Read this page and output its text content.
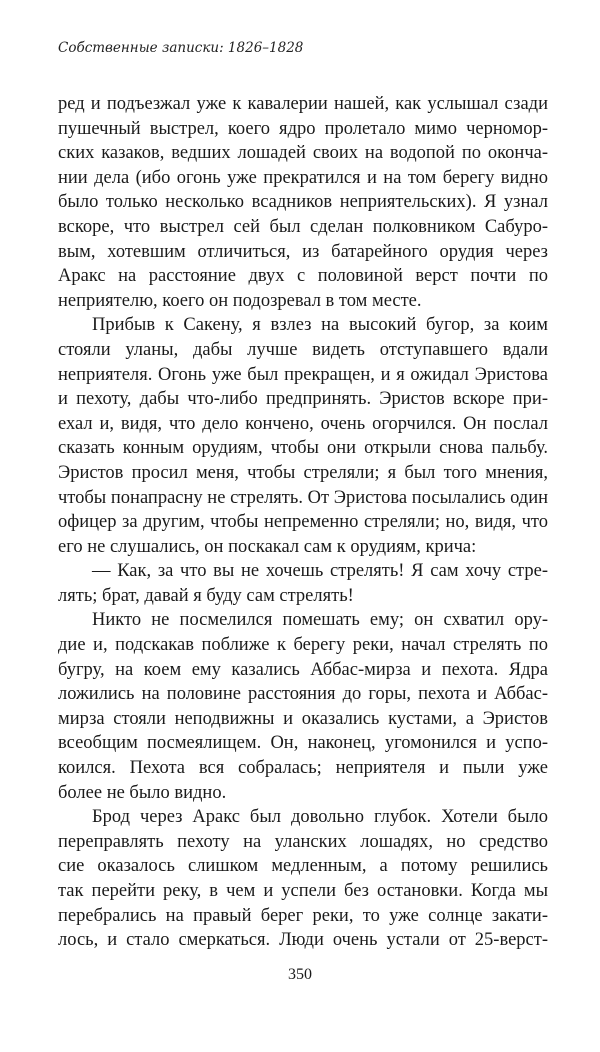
Собственные записки: 1826–1828
ред и подъезжал уже к кавалерии нашей, как услышал сзади
пушечный выстрел, коего ядро пролетало мимо черномор-
ских казаков, ведших лошадей своих на водопой по оконча-
нии дела (ибо огонь уже прекратился и на том берегу видно
было только несколько всадников неприятельских). Я узнал
вскоре, что выстрел сей был сделан полковником Сабуро-
вым, хотевшим отличиться, из батарейного орудия через
Аракс на расстояние двух с половиной верст почти по
неприятелю, коего он подозревал в том месте.
Прибыв к Сакену, я взлез на высокий бугор, за коим
стояли уланы, дабы лучше видеть отступавшего вдали
неприятеля. Огонь уже был прекращен, и я ожидал Эристова
и пехоту, дабы что-либо предпринять. Эристов вскоре при-
ехал и, видя, что дело кончено, очень огорчился. Он послал
сказать конным орудиям, чтобы они открыли снова пальбу.
Эристов просил меня, чтобы стреляли; я был того мнения,
чтобы понапрасну не стрелять. От Эристова посылались один
офицер за другим, чтобы непременно стреляли; но, видя, что
его не слушались, он поскакал сам к орудиям, крича:
— Как, за что вы не хочешь стрелять! Я сам хочу стре-
лять; брат, давай я буду сам стрелять!
Никто не посмелился помешать ему; он схватил ору-
дие и, подскакав поближе к берегу реки, начал стрелять по
бугру, на коем ему казались Аббас-мирза и пехота. Ядра
ложились на половине расстояния до горы, пехота и Аббас-
мирза стояли неподвижны и оказались кустами, а Эристов
всеобщим посмеялищем. Он, наконец, угомонился и успо-
коился. Пехота вся собралась; неприятеля и пыли уже
более не было видно.
Брод через Аракс был довольно глубок. Хотели было
переправлять пехоту на уланских лошадях, но средство
сие оказалось слишком медленным, а потому решились
так перейти реку, в чем и успели без остановки. Когда мы
перебрались на правый берег реки, то уже солнце закати-
лось, и стало смеркаться. Люди очень устали от 25-верст-
350
